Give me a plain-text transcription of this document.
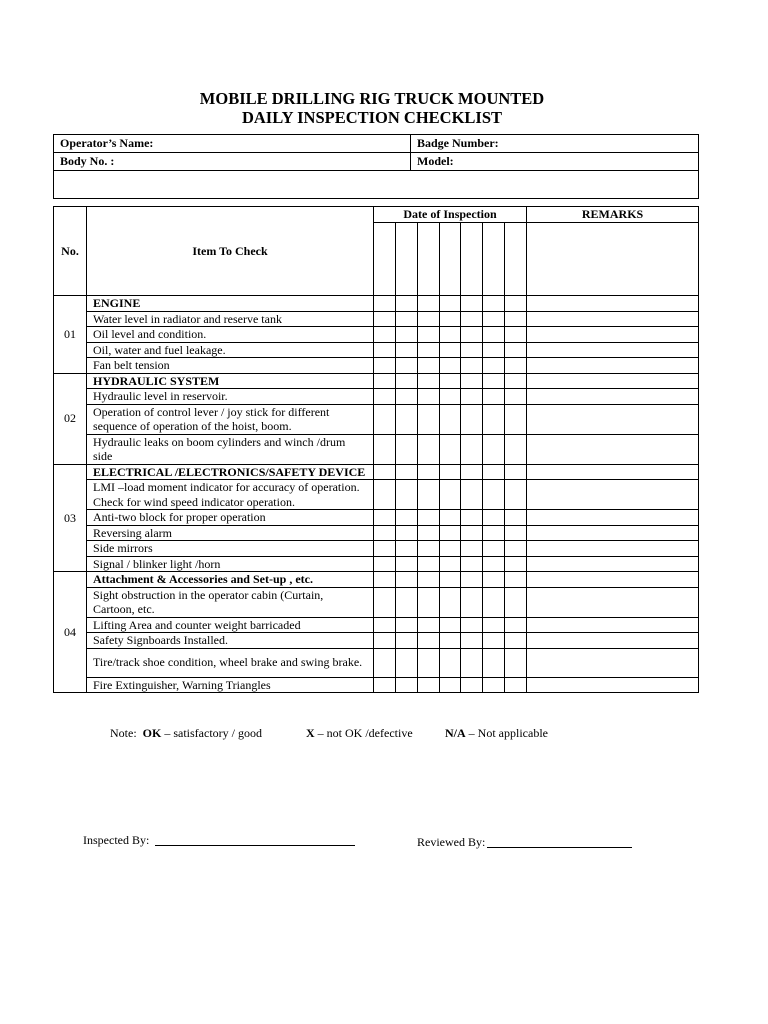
MOBILE DRILLING RIG TRUCK MOUNTED
DAILY INSPECTION CHECKLIST
Operator’s Name:	Badge Number:
Body No. :	Model:

No.	Item To Check	Date of Inspection							REMARKS

01	ENGINE								
	Water level in radiator and reserve tank								
	Oil level and condition.								
	Oil, water and fuel leakage.								
	Fan belt tension								
02	HYDRAULIC SYSTEM								
	Hydraulic level in reservoir.								
	Operation of control lever / joy stick for different sequence of operation of the hoist, boom.								
	Hydraulic leaks on boom cylinders and winch /drum side								
03	ELECTRICAL /ELECTRONICS/SAFETY DEVICE								
	LMI –load moment indicator for accuracy of operation. Check for wind speed indicator operation.								
	Anti-two block for proper operation								
	Reversing alarm								
	Side mirrors								
	Signal / blinker light /horn								
04	Attachment & Accessories and Set-up , etc.								
	Sight obstruction in the operator cabin (Curtain, Cartoon, etc.								
	Lifting Area and counter weight barricaded								
	Safety Signboards Installed.								
	Tire/track shoe condition, wheel brake and swing brake.								
	Fire Extinguisher, Warning Triangles								
Note: OK – satisfactory / good	X – not OK /defective	N/A – Not applicable
Inspected By:	Reviewed By:
